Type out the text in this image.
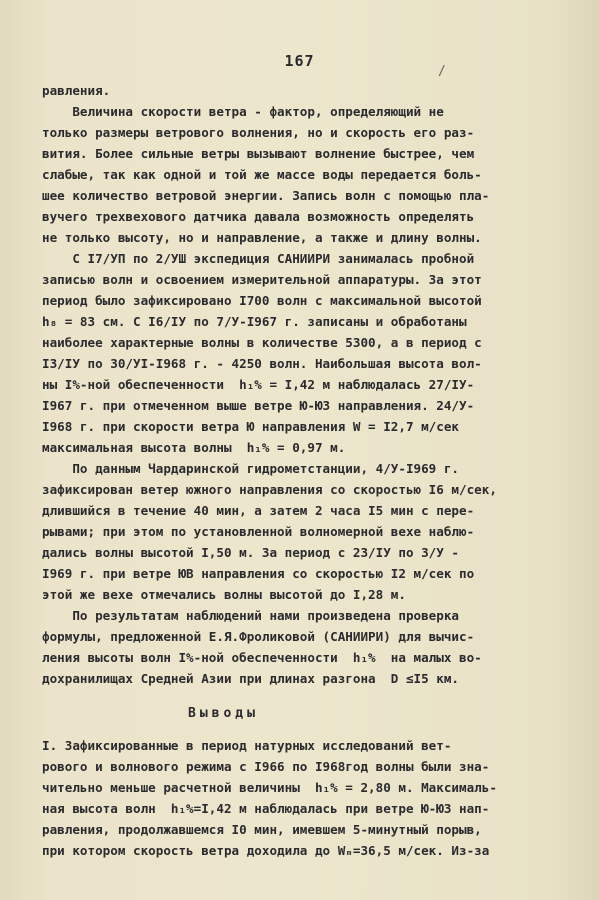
167
/
равления.
Величина скорости ветра - фактор, определяющий не
только размеры ветрового волнения, но и скорость его раз-
вития. Более сильные ветры вызывают волнение быстрее, чем
слабые, так как одной и той же массе воды передается боль-
шее количество ветровой энергии. Запись волн с помощью пла-
вучего трехвехового датчика давала возможность определять
не только высоту, но и направление, а также и длину волны.
С I7/УП по 2/УШ экспедиция САНИИРИ занималась пробной
записью волн и освоением измерительной аппаратуры. За этот
период было зафиксировано I700 волн с максимальной высотой
h₈ = 83 см. С I6/IУ по 7/У-I967 г. записаны и обработаны
наиболее характерные волны в количестве 5300, а в период с
I3/IУ по 30/УI-I968 г. - 4250 волн. Наибольшая высота вол-
ны I%-ной обеспеченности  h₁% = I,42 м наблюдалась 27/IУ-
I967 г. при отмеченном выше ветре Ю-ЮЗ направления. 24/У-
I968 г. при скорости ветра Ю направления W = I2,7 м/сек
максимальная высота волны  h₁% = 0,97 м.
По данным Чардаринской гидрометстанции, 4/У-I969 г.
зафиксирован ветер южного направления со скоростью I6 м/сек,
длившийся в течение 40 мин, а затем 2 часа I5 мин с пере-
рывами; при этом по установленной волномерной вехе наблю-
дались волны высотой I,50 м. За период с 23/IУ по 3/У -
I969 г. при ветре ЮВ направления со скоростью I2 м/сек по
этой же вехе отмечались волны высотой до I,28 м.
По результатам наблюдений нами произведена проверка
формулы, предложенной Е.Я.Фроликовой (САНИИРИ) для вычис-
ления высоты волн I%-ной обеспеченности  h₁%  на малых во-
дохранилищах Средней Азии при длинах разгона  D ≤I5 км.
Выводы
I. Зафиксированные в период натурных исследований вет-
рового и волнового режима с I966 по I968год волны были зна-
чительно меньше расчетной величины  h₁% = 2,80 м. Максималь-
ная высота волн  h₁%=I,42 м наблюдалась при ветре Ю-ЮЗ нап-
равления, продолжавшемся I0 мин, имевшем 5-минутный порыв,
при котором скорость ветра доходила до Wₘ=36,5 м/сек. Из-за
